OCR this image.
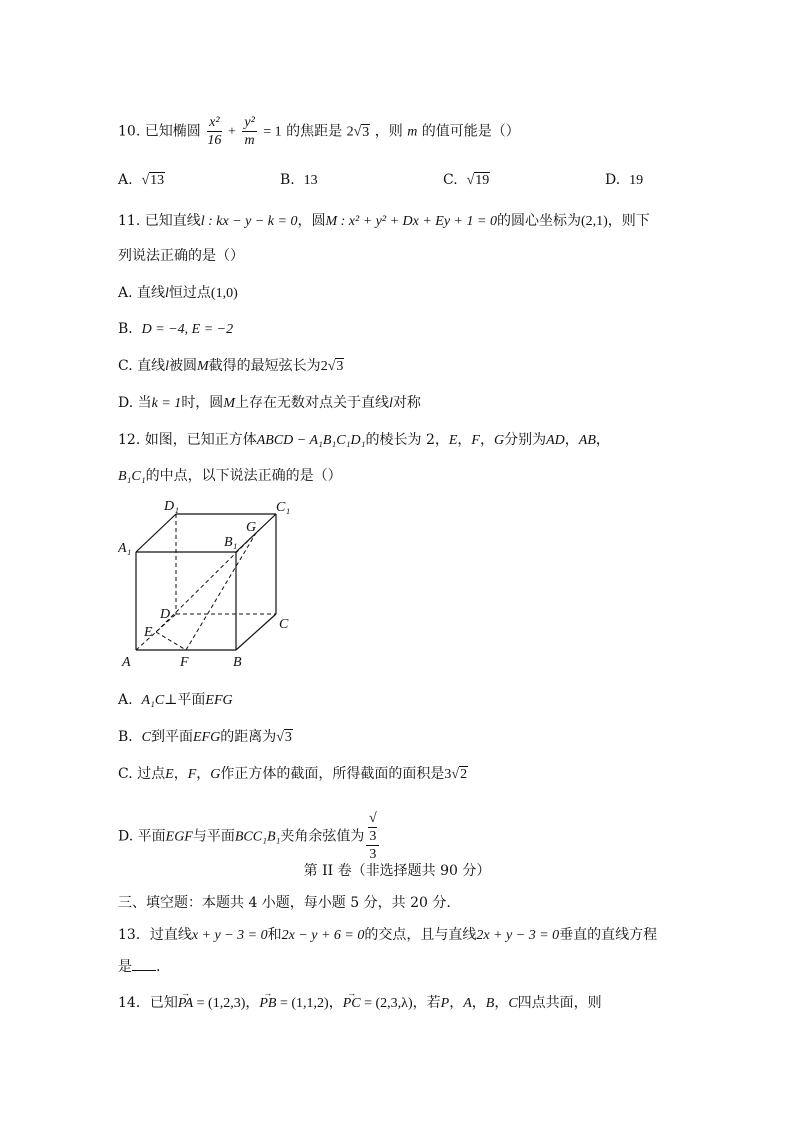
10. 已知椭圆 $\frac{\text{x²}}{16} + \frac{\text{y²}}{m} = 1$ 的焦距是 2√3 ，则 m 的值可能是（）
A. √13	B. 13	C. √19	D. 19
11. 已知直线l : kx − y − k = 0，圆M : x² + y² + Dx + Ey + 1 = 0的圆心坐标为(2,1)，则下
列说法正确的是（）
A. 直线l恒过点(1,0)
B. D = −4, E = −2
C. 直线l被圆M截得的最短弦长为2√3
D. 当k = 1时，圆M上存在无数对点关于直线l对称
12. 如图，已知正方体ABCD − A₁B₁C₁D₁的棱长为 2，E，F，G分别为AD，AB，
B₁C₁的中点，以下说法正确的是（）
A	B
C
D
A₁	B₁
C₁
D₁
E
F
G
A. A₁C⊥平面EFG
B. C到平面EFG的距离为√3
C. 过点E，F，G作正方体的截面，所得截面的面积是3√2
D. 平面EGF与平面BCC₁B₁夹角余弦值为 √
3
3
第 II 卷（非选择题共 90 分）
三、填空题：本题共 4 小题，每小题 5 分，共 20 分.
13．过直线x + y − 3 = 0和2x − y + 6 = 0的交点，且与直线2x + y − 3 = 0垂直的直线方程
是 .
14．已知→ PA = (1,2,3)，→ PB = (1,1,2)，→ PC = (2,3,λ)，若P，A，B，C四点共面，则
